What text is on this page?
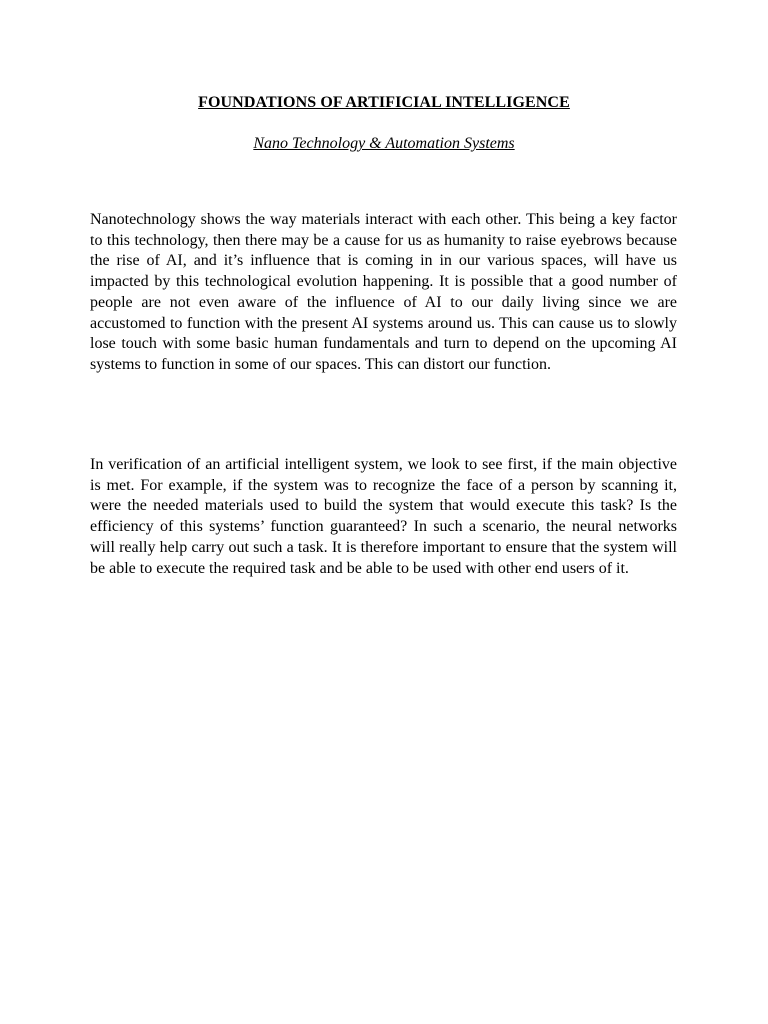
FOUNDATIONS OF ARTIFICIAL INTELLIGENCE

Nano Technology & Automation Systems

Nanotechnology shows the way materials interact with each other. This being a key factor to this technology, then there may be a cause for us as humanity to raise eyebrows because the rise of AI, and it’s influence that is coming in in our various spaces, will have us impacted by this technological evolution happening. It is possible that a good number of people are not even aware of the influence of AI to our daily living since we are accustomed to function with the present AI systems around us. This can cause us to slowly lose touch with some basic human fundamentals and turn to depend on the upcoming AI systems to function in some of our spaces. This can distort our function.

In verification of an artificial intelligent system, we look to see first, if the main objective is met. For example, if the system was to recognize the face of a person by scanning it, were the needed materials used to build the system that would execute this task? Is the efficiency of this systems’ function guaranteed? In such a scenario, the neural networks will really help carry out such a task. It is therefore important to ensure that the system will be able to execute the required task and be able to be used with other end users of it.
